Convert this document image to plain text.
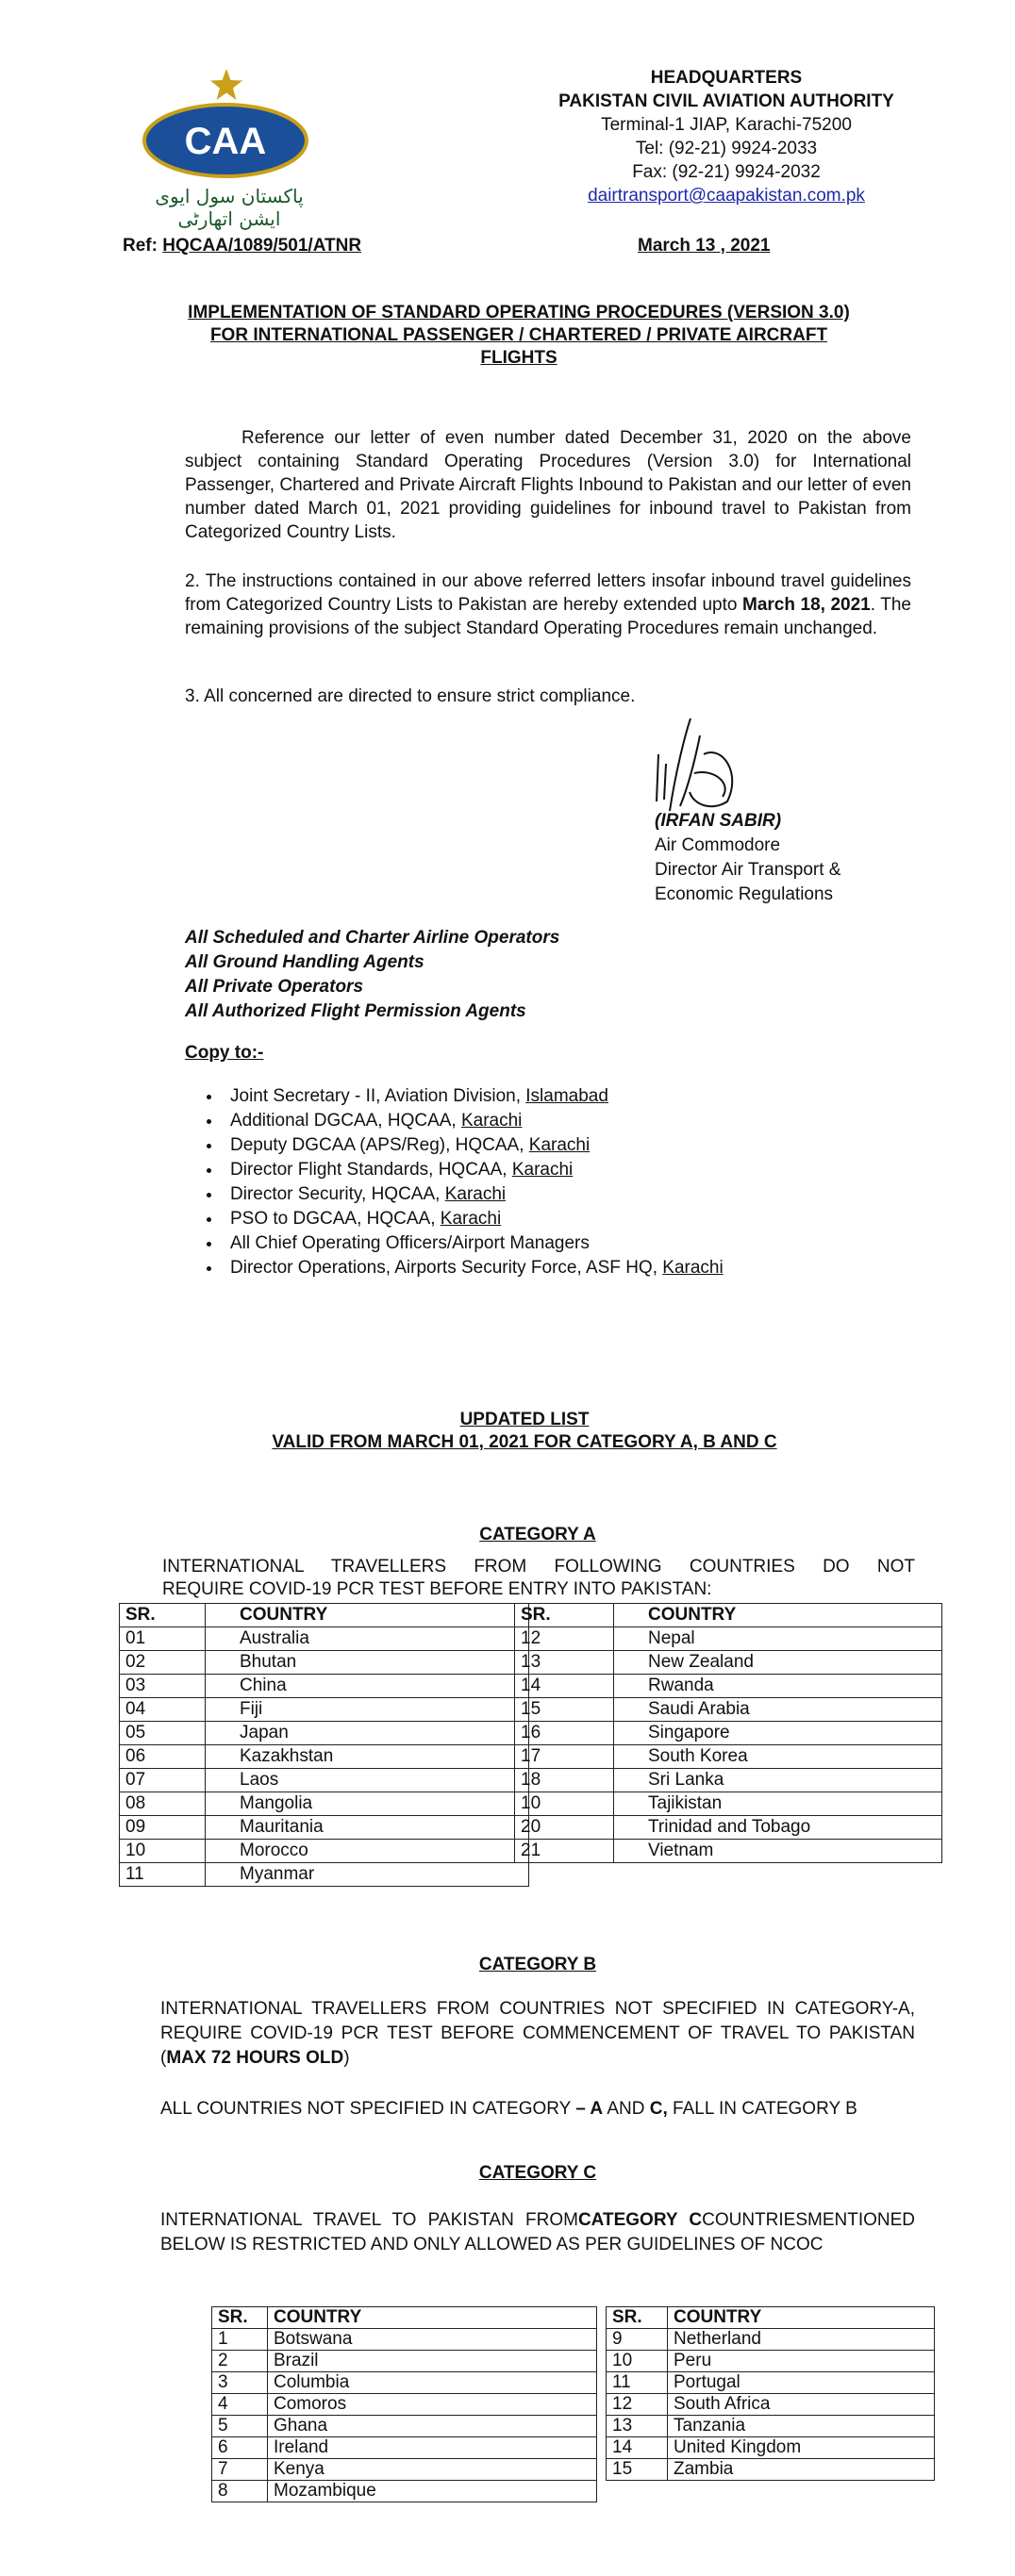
CAA
پاکستان سول ایوی ایشن اتھارٹی
HEADQUARTERS
PAKISTAN CIVIL AVIATION AUTHORITY
Terminal-1 JIAP, Karachi-75200
Tel: (92-21) 9924-2033
Fax: (92-21) 9924-2032
dairtransport@caapakistan.com.pk
Ref: HQCAA/1089/501/ATNR	March 13 , 2021
IMPLEMENTATION OF STANDARD OPERATING PROCEDURES (VERSION 3.0) FOR INTERNATIONAL PASSENGER / CHARTERED / PRIVATE AIRCRAFT FLIGHTS

Reference our letter of even number dated December 31, 2020 on the above subject containing Standard Operating Procedures (Version 3.0) for International Passenger, Chartered and Private Aircraft Flights Inbound to Pakistan and our letter of even number dated March 01, 2021 providing guidelines for inbound travel to Pakistan from Categorized Country Lists.

2. The instructions contained in our above referred letters insofar inbound travel guidelines from Categorized Country Lists to Pakistan are hereby extended upto March 18, 2021. The remaining provisions of the subject Standard Operating Procedures remain unchanged.

3. All concerned are directed to ensure strict compliance.

(IRFAN SABIR)
Air Commodore
Director Air Transport &
Economic Regulations
All Scheduled and Charter Airline Operators
All Ground Handling Agents
All Private Operators
All Authorized Flight Permission Agents
Copy to:-
• Joint Secretary - II, Aviation Division, Islamabad
• Additional DGCAA, HQCAA, Karachi
• Deputy DGCAA (APS/Reg), HQCAA, Karachi
• Director Flight Standards, HQCAA, Karachi
• Director Security, HQCAA, Karachi
• PSO to DGCAA, HQCAA, Karachi
• All Chief Operating Officers/Airport Managers
• Director Operations, Airports Security Force, ASF HQ, Karachi
UPDATED LIST
VALID FROM MARCH 01, 2021 FOR CATEGORY A, B AND C
CATEGORY A
INTERNATIONAL TRAVELLERS FROM FOLLOWING COUNTRIES DO NOT
REQUIRE COVID-19 PCR TEST BEFORE ENTRY INTO PAKISTAN:
SR.	COUNTRY
01	Australia
02	Bhutan
03	China
04	Fiji
05	Japan
06	Kazakhstan
07	Laos
08	Mangolia
09	Mauritania
10	Morocco
11	Myanmar
SR.	COUNTRY
12	Nepal
13	New Zealand
14	Rwanda
15	Saudi Arabia
16	Singapore
17	South Korea
18	Sri Lanka
10	Tajikistan
20	Trinidad and Tobago
21	Vietnam
CATEGORY B
INTERNATIONAL TRAVELLERS FROM COUNTRIES NOT SPECIFIED IN CATEGORY-A, REQUIRE COVID-19 PCR TEST BEFORE COMMENCEMENT OF TRAVEL TO PAKISTAN (MAX 72 HOURS OLD)
ALL COUNTRIES NOT SPECIFIED IN CATEGORY – A AND C, FALL IN CATEGORY B
CATEGORY C
INTERNATIONAL TRAVEL TO PAKISTAN FROMCATEGORY CCOUNTRIESMENTIONED BELOW IS RESTRICTED AND ONLY ALLOWED AS PER GUIDELINES OF NCOC
SR.	COUNTRY
1	Botswana
2	Brazil
3	Columbia
4	Comoros
5	Ghana
6	Ireland
7	Kenya
8	Mozambique
SR.	COUNTRY
9	Netherland
10	Peru
11	Portugal
12	South Africa
13	Tanzania
14	United Kingdom
15	Zambia
